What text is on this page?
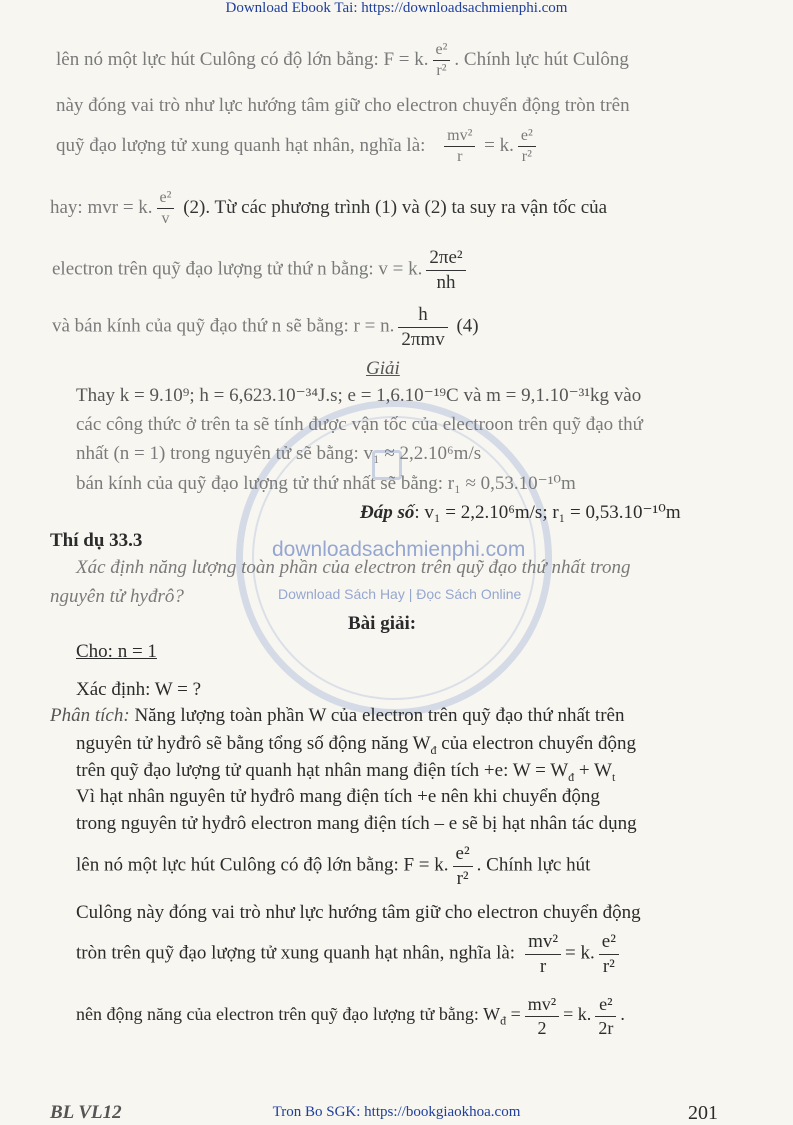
Download Ebook Tai: https://downloadsachmienphi.com
downloadsachmienphi.com
Download Sách Hay | Đọc Sách Online
lên nó một lực hút Culông có độ lớn bằng: F = k. $\frac{\text{e²}}{\text{r²}}$ . Chính lực hút Culông
này đóng vai trò như lực hướng tâm giữ cho electron chuyển động tròn trên
quỹ đạo lượng tử xung quanh hạt nhân, nghĩa là: $\frac{\text{mv²}}{r} = k$. $\frac{\text{e²}}{\text{r²}}$
hay: mvr = k. $\frac{\text{e²}}{v} (2)$. Từ các phương trình (1) và (2) ta suy ra vận tốc của
electron trên quỹ đạo lượng tử thứ n bằng: v = k. $\frac{\text{2πe²}}{nh}$
và bán kính của quỹ đạo thứ n sẽ bằng: r = n. $\frac{h}{\text{2πmv}} (4)$
Giải
Thay k = 9.10⁹; h = 6,623.10⁻³⁴J.s; e = 1,6.10⁻¹⁹C và m = 9,1.10⁻³¹kg vào
các công thức ở trên ta sẽ tính được vận tốc của electroon trên quỹ đạo thứ
nhất (n = 1) trong nguyên tử sẽ bằng: v₁ ≈ 2,2.10⁶m/s
bán kính của quỹ đạo lượng tử thứ nhất sẽ bằng: r₁ ≈ 0,53.10⁻¹⁰m
Đáp số: v₁ = 2,2.10⁶m/s; r₁ = 0,53.10⁻¹⁰m
Thí dụ 33.3
Xác định năng lượng toàn phần của electron trên quỹ đạo thứ nhất trong
nguyên tử hyđrô?
Bài giải:
Cho: n = 1
Xác định: W = ?
Phân tích: Năng lượng toàn phần W của electron trên quỹ đạo thứ nhất trên
nguyên tử hyđrô sẽ bằng tổng số động năng $W_đ$ của electron chuyển động
trên quỹ đạo lượng tử quanh hạt nhân mang điện tích +e: $W = W_đ + W_t$
Vì hạt nhân nguyên tử hyđrô mang điện tích +e nên khi chuyển động
trong nguyên tử hyđrô electron mang điện tích – e sẽ bị hạt nhân tác dụng
lên nó một lực hút Culông có độ lớn bằng: F = k. $\frac{\text{e²}}{\text{r²}}$ . Chính lực hút
Culông này đóng vai trò như lực hướng tâm giữ cho electron chuyển động
tròn trên quỹ đạo lượng tử xung quanh hạt nhân, nghĩa là: $\frac{\text{mv²}}{r} = k$. $\frac{\text{e²}}{\text{r²}}$
nên động năng của electron trên quỹ đạo lượng tử bằng: $W_đ = \frac{\text{mv²}}{2} = k$. $\frac{\text{e²}}{2r}$ .
BL VL12	Tron Bo SGK: https://bookgiaokhoa.com	201
